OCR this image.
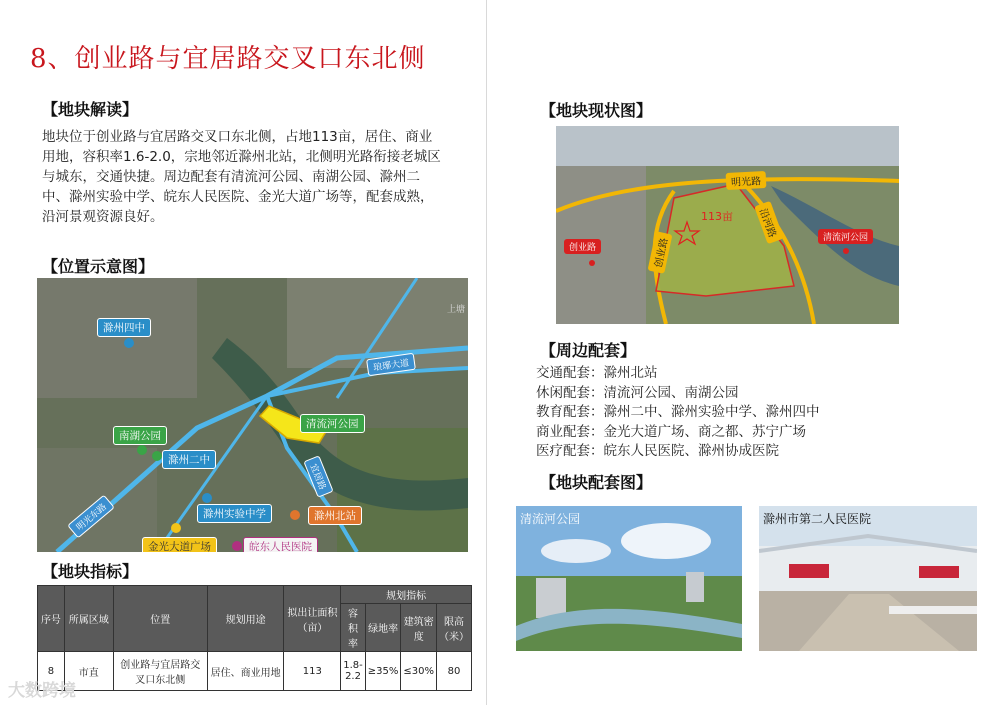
8、创业路与宜居路交叉口东北侧
【地块解读】
地块位于创业路与宜居路交叉口东北侧，占地113亩，居住、商业用地，容积率1.6-2.0，宗地邻近滁州北站，北侧明光路衔接老城区与城东，交通快捷。周边配套有清流河公园、南湖公园、滁州二中、滁州实验中学、皖东人民医院、金光大道广场等，配套成熟，沿河景观资源良好。
【位置示意图】
滁州四中
琅琊大道
清流河公园
南湖公园
滁州二中
宜居路
明光东路	滁州实验中学	滁州北站
金光大道广场	皖东人民医院
上塘
【地块指标】
序号	所属区域	位置	规划用途	拟出让面积（亩）	规划指标			
					容积率	绿地率	建筑密度	限高（米）
8	市直	创业路与宜居路交叉口东北侧	居住、商业用地	113	1.8-2.2	≥35%	≤30%	80
【地块现状图】
明光路
创业路
沿河路
113亩
创业路
清流河公园
【周边配套】
交通配套：滁州北站
休闲配套：清流河公园、南湖公园
教育配套：滁州二中、滁州实验中学、滁州四中
商业配套：金光大道广场、商之都、苏宁广场
医疗配套：皖东人民医院、滁州协成医院
【地块配套图】
清流河公园	滁州市第二人民医院
大数跨境
